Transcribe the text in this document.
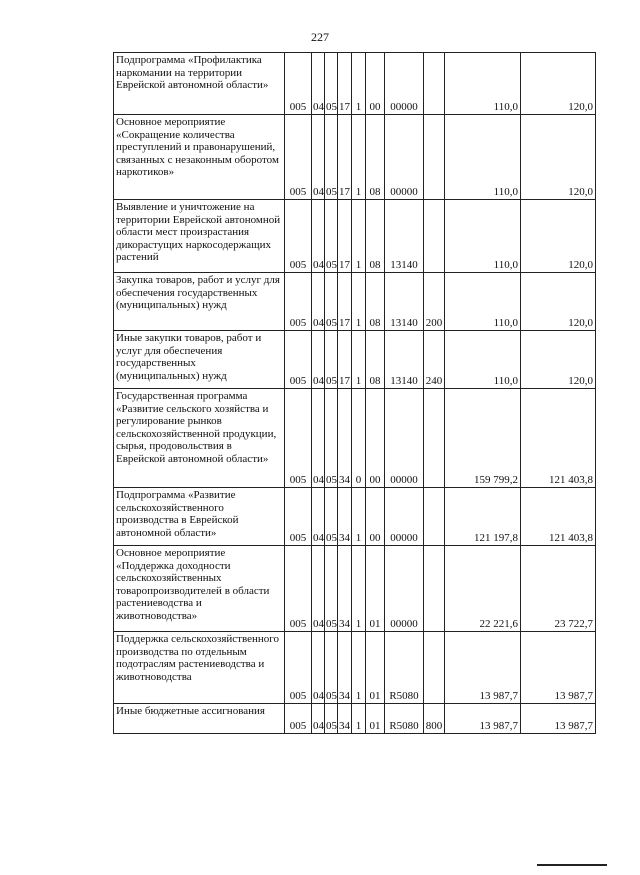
227
Подпрограмма «Профилактика наркомании на территории Еврейской автономной области»	005	04	05	17	1	00	00000		110,0	120,0
Основное мероприятие «Сокращение количества преступлений и правонарушений, связанных с незаконным оборотом наркотиков»	005	04	05	17	1	08	00000		110,0	120,0
Выявление и уничтожение на территории Еврейской автономной области мест произрастания дикорастущих наркосодержащих растений	005	04	05	17	1	08	13140		110,0	120,0
Закупка товаров, работ и услуг для обеспечения государственных (муниципальных) нужд	005	04	05	17	1	08	13140	200	110,0	120,0
Иные закупки товаров, работ и услуг для обеспечения государственных (муниципальных) нужд	005	04	05	17	1	08	13140	240	110,0	120,0
Государственная программа «Развитие сельского хозяйства и регулирование рынков сельскохозяйственной продукции, сырья, продовольствия в Еврейской автономной области»	005	04	05	34	0	00	00000		159 799,2	121 403,8
Подпрограмма «Развитие сельскохозяйственного производства в Еврейской автономной области»	005	04	05	34	1	00	00000		121 197,8	121 403,8
Основное мероприятие «Поддержка доходности сельскохозяйственных товаропроизводителей в области растениеводства и животноводства»	005	04	05	34	1	01	00000		22 221,6	23 722,7
Поддержка сельскохозяйственного производства по отдельным подотраслям растениеводства и животноводства	005	04	05	34	1	01	R5080		13 987,7	13 987,7
Иные бюджетные ассигнования	005	04	05	34	1	01	R5080	800	13 987,7	13 987,7
